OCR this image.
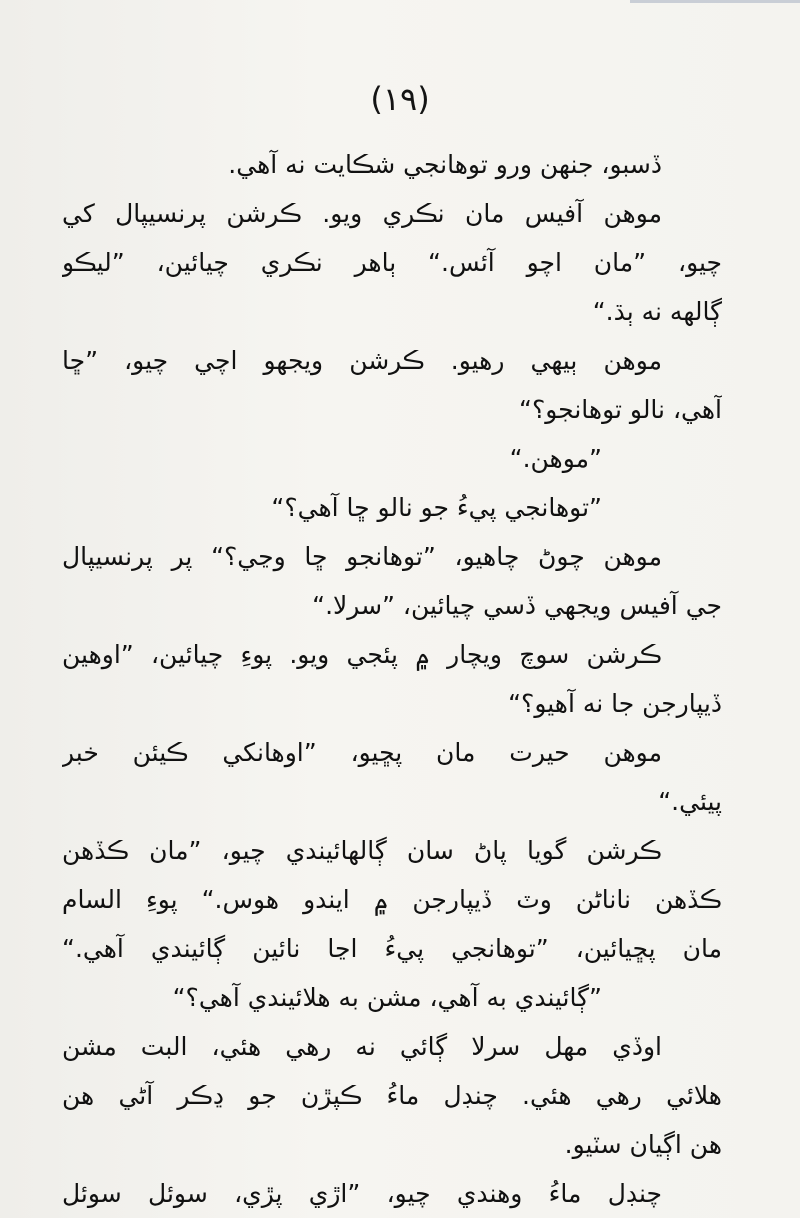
(١٩)
ڏسبو، جنهن ورو توهانجي شڪايت نه آهي.
موهن آفيس مان نڪري ويو. ڪرشن پرنسيپال کي
چيو، ”مان اچو آئس.“ ٻاهر نڪري چيائين، ”ليڪو
ڳالهه نه ٻڌ.“
موهن ٻيهي رهيو. ڪرشن ويجهو اچي چيو، ”ڇا
آهي، نالو توهانجو؟“
”موهن.“
”توهانجي پيءُ جو نالو ڇا آهي؟“
موهن چوڻ چاهيو، ”توهانجو ڇا وڃي؟“ پر پرنسيپال
جي آفيس ويجهي ڏسي چيائين، ”سرلا.“
ڪرشن سوچ ويچار ۾ پئجي ويو. پوءِ چيائين، ”اوهين
ڏيپارجن جا نه آهيو؟“
موهن حيرت مان پڇيو، ”اوهانکي ڪيئن خبر
پيئي.“
ڪرشن گويا پاڻ سان ڳالهائيندي چيو، ”مان ڪڏهن
ڪڏهن ناناڻن وٽ ڏيپارجن ۾ ايندو هوس.“ پوءِ السام
مان پڇيائين، ”توهانجي پيءُ اڃا نائين ڳائيندي آهي.“
”ڳائيندي به آهي، مشن به هلائيندي آهي؟“
اوڏي مهل سرلا ڳائي نه رهي هئي، البت مشن
هلائي رهي هئي. چنڊل ماءُ ڪپڙن جو ڍڪر آڻي هن
هن اڳيان سٽيو.
چنڊل ماءُ وهندي چيو، ”اڙي پڙي، سوئل سوئل
